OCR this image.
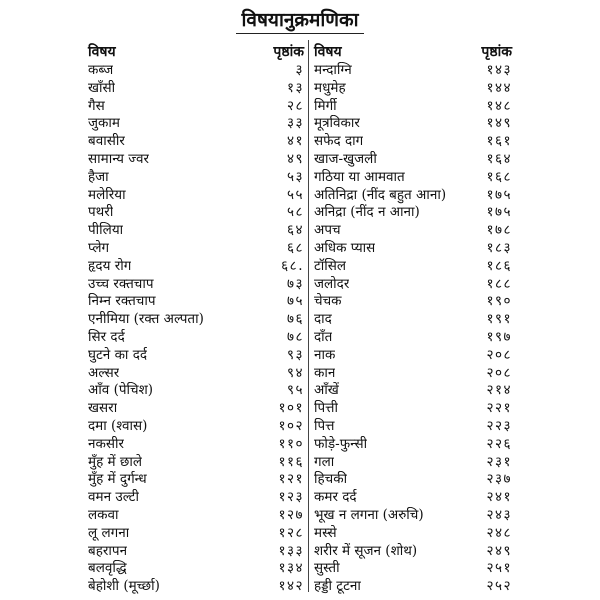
विषयानुक्रमणिका
विषय	पृष्ठांक
कब्ज	३
खाँसी	१३
गैस	२८
जुकाम	३३
बवासीर	४१
सामान्य ज्वर	४९
हैजा	५३
मलेरिया	५५
पथरी	५८
पीलिया	६४
प्लेग	६८
हृदय रोग	६८.
उच्च रक्तचाप	७३
निम्न रक्तचाप	७५
एनीमिया (रक्त अल्पता)	७६
सिर दर्द	७८
घुटने का दर्द	९३
अल्सर	९४
आँव (पेचिश)	९५
खसरा	१०१
दमा (श्वास)	१०२
नकसीर	११०
मुँह में छाले	११६
मुँह में दुर्गन्ध	१२१
वमन उल्टी	१२३
लकवा	१२७
लू लगना	१२८
बहरापन	१३३
बलवृद्धि	१३४
बेहोशी (मूर्च्छा)	१४२
विषय	पृष्ठांक
मन्दाग्नि	१४३
मधुमेह	१४४
मिर्गी	१४८
मूत्रविकार	१४९
सफेद दाग	१६१
खाज-खुजली	१६४
गठिया या आमवात	१६८
अतिनिद्रा (नींद बहुत आना)	१७५
अनिद्रा (नींद न आना)	१७५
अपच	१७८
अधिक प्यास	१८३
टॉसिल	१८६
जलोदर	१८८
चेचक	१९०
दाद	१९१
दाँत	१९७
नाक	२०८
कान	२०८
आँखें	२१४
पित्ती	२२१
पित्त	२२३
फोड़े-फुन्सी	२२६
गला	२३१
हिचकी	२३७
कमर दर्द	२४१
भूख न लगना (अरुचि)	२४३
मस्से	२४८
शरीर में सूजन (शोथ)	२४९
सुस्ती	२५१
हड्डी टूटना	२५२
